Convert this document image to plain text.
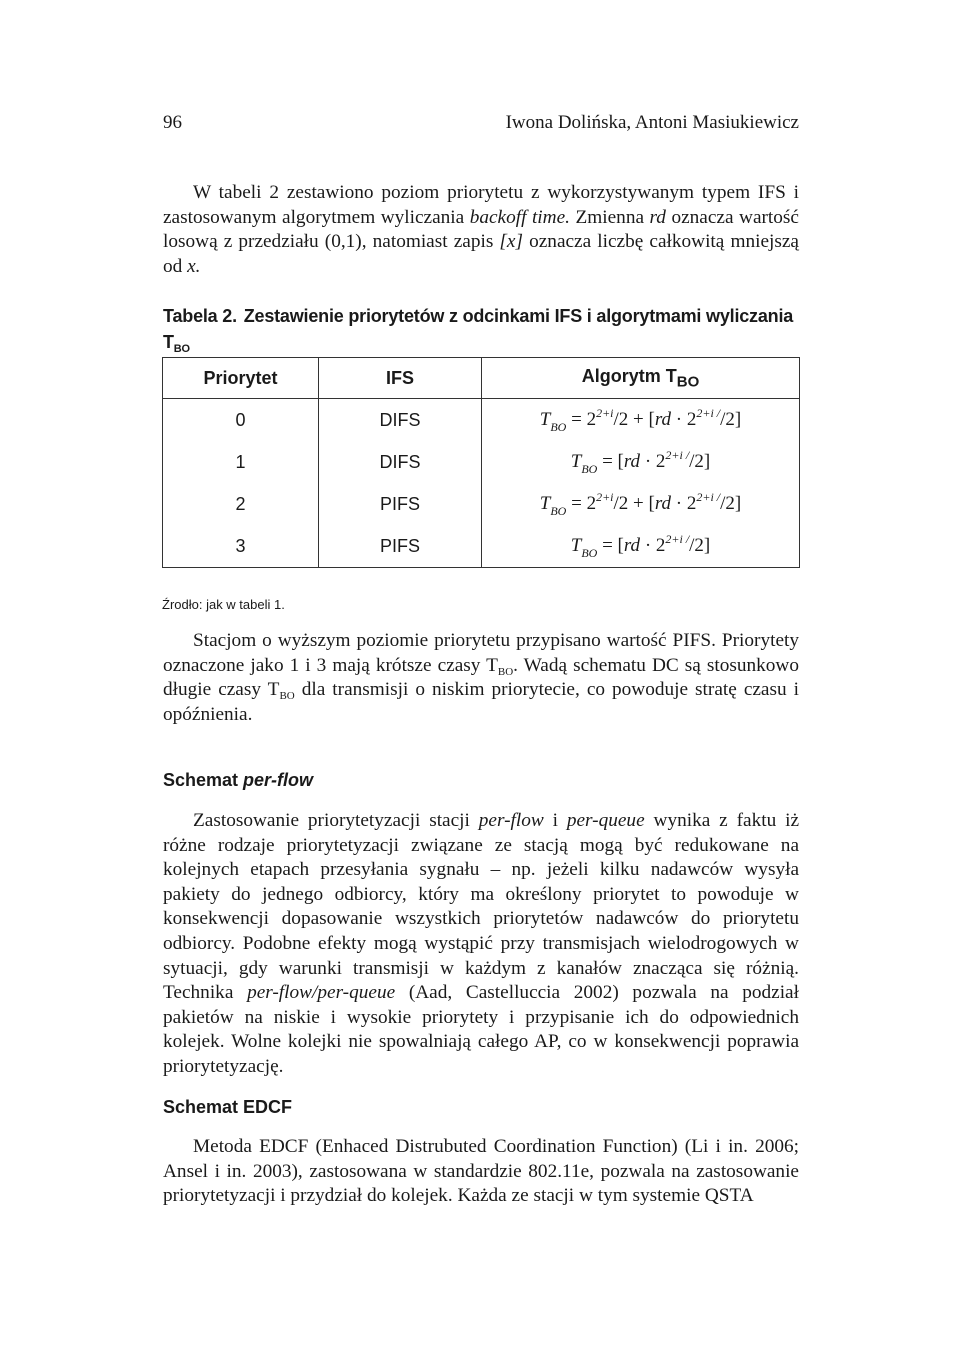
96	Iwona Dolińska, Antoni Masiukiewicz

W tabeli 2 zestawiono poziom priorytetu z wykorzystywanym typem IFS i zastosowanym algorytmem wyliczania backoff time. Zmienna rd oznacza wartość losową z przedziału (0,1), natomiast zapis [x] oznacza liczbę całkowitą mniejszą od x.

Tabela 2. Zestawienie priorytetów z odcinkami IFS i algorytmami wyliczania $T_{BO}$

Priorytet	IFS	Algorytm $T_{BO}$
0	DIFS	$T_{BO} = 2^{2+i}/2 + [rd \cdot 2^{2+i /}/2]$
1	DIFS	$T_{BO} = [rd \cdot 2^{2+i /}/2]$
2	PIFS	$T_{BO} = 2^{2+i}/2 + [rd \cdot 2^{2+i /}/2]$
3	PIFS	$T_{BO} = [rd \cdot 2^{2+i /}/2]$
Źrodło: jak w tabeli 1.

Stacjom o wyższym poziomie priorytetu przypisano wartość PIFS. Priorytety oznaczone jako 1 i 3 mają krótsze czasy $T_{BO}$. Wadą schematu DC są stosunkowo długie czasy $T_{BO}$ dla transmisji o niskim priorytecie, co powoduje stratę czasu i opóźnienia.

Schemat per-flow

Zastosowanie priorytetyzacji stacji per-flow i per-queue wynika z faktu iż różne rodzaje priorytetyzacji związane ze stacją mogą być redukowane na kolejnych etapach przesyłania sygnału – np. jeżeli kilku nadawców wysyła pakiety do jednego odbiorcy, który ma określony priorytet to powoduje w konsekwencji dopasowanie wszystkich priorytetów nadawców do priorytetu odbiorcy. Podobne efekty mogą wystąpić przy transmisjach wielodrogowych w sytuacji, gdy warunki transmisji w każdym z kanałów znacząca się różnią. Technika per-flow/per-queue (Aad, Castelluccia 2002) pozwala na podział pakietów na niskie i wysokie priorytety i przypisanie ich do odpowiednich kolejek. Wolne kolejki nie spowalniają całego AP, co w konsekwencji poprawia priorytetyzację.

Schemat EDCF

Metoda EDCF (Enhaced Distrubuted Coordination Function) (Li i in. 2006; Ansel i in. 2003), zastosowana w standardzie 802.11e, pozwala na zastosowanie priorytetyzacji i przydział do kolejek. Każda ze stacji w tym systemie QSTA
